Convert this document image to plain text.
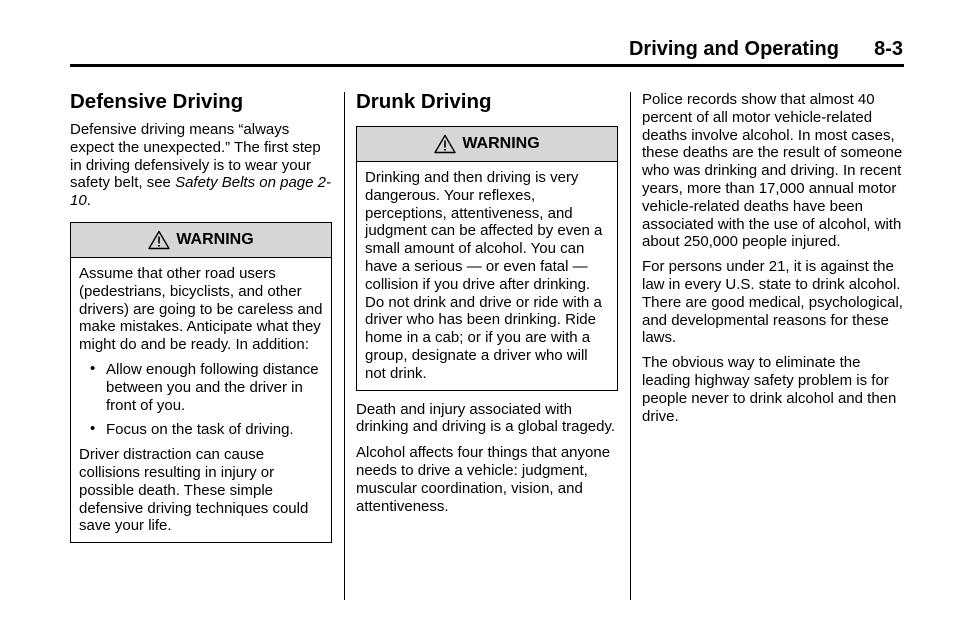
Driving and Operating 8-3
Defensive Driving

Defensive driving means “always expect the unexpected.” The first step in driving defensively is to wear your safety belt, see Safety Belts on page 2-10.

WARNING

Assume that other road users (pedestrians, bicyclists, and other drivers) are going to be careless and make mistakes. Anticipate what they might do and be ready. In addition:

• Allow enough following distance between you and the driver in front of you.
• Focus on the task of driving.

Driver distraction can cause collisions resulting in injury or possible death. These simple defensive driving techniques could save your life.

Drunk Driving
WARNING

Drinking and then driving is very dangerous. Your reflexes, perceptions, attentiveness, and judgment can be affected by even a small amount of alcohol. You can have a serious — or even fatal — collision if you drive after drinking. Do not drink and drive or ride with a driver who has been drinking. Ride home in a cab; or if you are with a group, designate a driver who will not drink.

Death and injury associated with drinking and driving is a global tragedy.

Alcohol affects four things that anyone needs to drive a vehicle: judgment, muscular coordination, vision, and attentiveness.

Police records show that almost 40 percent of all motor vehicle-related deaths involve alcohol. In most cases, these deaths are the result of someone who was drinking and driving. In recent years, more than 17,000 annual motor vehicle-related deaths have been associated with the use of alcohol, with about 250,000 people injured.

For persons under 21, it is against the law in every U.S. state to drink alcohol. There are good medical, psychological, and developmental reasons for these laws.

The obvious way to eliminate the leading highway safety problem is for people never to drink alcohol and then drive.
